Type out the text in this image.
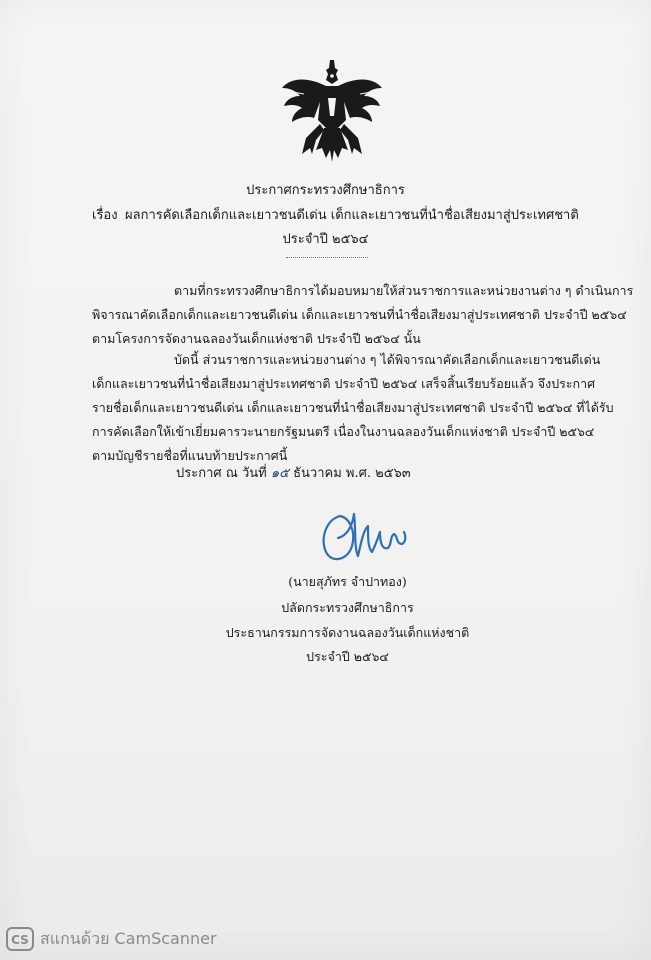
ประกาศกระทรวงศึกษาธิการ
เรื่อง ผลการคัดเลือกเด็กและเยาวชนดีเด่น เด็กและเยาวชนที่นำชื่อเสียงมาสู่ประเทศชาติ
ประจำปี ๒๕๖๔
ตามที่กระทรวงศึกษาธิการได้มอบหมายให้ส่วนราชการและหน่วยงานต่าง ๆ ดำเนินการ
พิจารณาคัดเลือกเด็กและเยาวชนดีเด่น เด็กและเยาวชนที่นำชื่อเสียงมาสู่ประเทศชาติ ประจำปี ๒๕๖๔
ตามโครงการจัดงานฉลองวันเด็กแห่งชาติ ประจำปี ๒๕๖๔ นั้น
บัดนี้ ส่วนราชการและหน่วยงานต่าง ๆ ได้พิจารณาคัดเลือกเด็กและเยาวชนดีเด่น
เด็กและเยาวชนที่นำชื่อเสียงมาสู่ประเทศชาติ ประจำปี ๒๕๖๔ เสร็จสิ้นเรียบร้อยแล้ว จึงประกาศ
รายชื่อเด็กและเยาวชนดีเด่น เด็กและเยาวชนที่นำชื่อเสียงมาสู่ประเทศชาติ ประจำปี ๒๕๖๔ ที่ได้รับ
การคัดเลือกให้เข้าเยี่ยมคารวะนายกรัฐมนตรี เนื่องในงานฉลองวันเด็กแห่งชาติ ประจำปี ๒๕๖๔
ตามบัญชีรายชื่อที่แนบท้ายประกาศนี้
ประกาศ ณ วันที่ ๑๕ ธันวาคม พ.ศ. ๒๕๖๓
(นายสุภัทร จำปาทอง)
ปลัดกระทรวงศึกษาธิการ
ประธานกรรมการจัดงานฉลองวันเด็กแห่งชาติ
ประจำปี ๒๕๖๔
CS สแกนด้วย CamScanner
